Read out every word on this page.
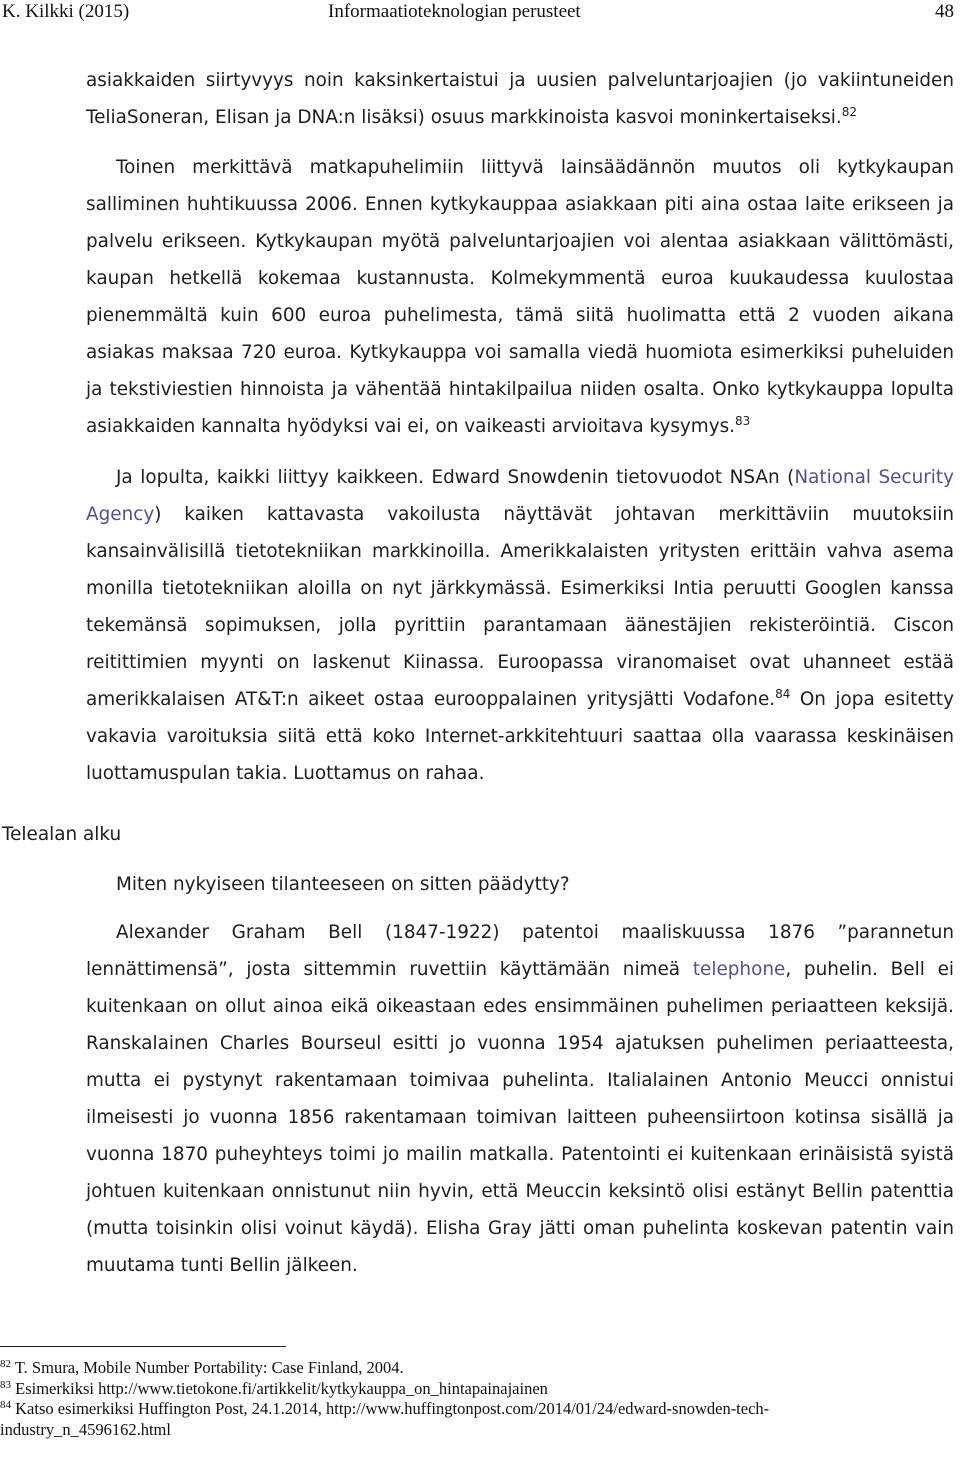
K. Kilkki (2015)	Informaatioteknologian perusteet	48

asiakkaiden siirtyvyys noin kaksinkertaistui ja uusien palveluntarjoajien (jo vakiintuneiden TeliaSoneran, Elisan ja DNA:n lisäksi) osuus markkinoista kasvoi moninkertaiseksi.$^{82}$

Toinen merkittävä matkapuhelimiin liittyvä lainsäädännön muutos oli kytkykaupan salliminen huhtikuussa 2006. Ennen kytkykauppaa asiakkaan piti aina ostaa laite erikseen ja palvelu erikseen. Kytkykaupan myötä palveluntarjoajien voi alentaa asiakkaan välittömästi, kaupan hetkellä kokemaa kustannusta. Kolmekymmentä euroa kuukaudessa kuulostaa pienemmältä kuin 600 euroa puhelimesta, tämä siitä huolimatta että 2 vuoden aikana asiakas maksaa 720 euroa. Kytkykauppa voi samalla viedä huomiota esimerkiksi puheluiden ja tekstiviestien hinnoista ja vähentää hintakilpailua niiden osalta. Onko kytkykauppa lopulta asiakkaiden kannalta hyödyksi vai ei, on vaikeasti arvioitava kysymys.$^{83}$

Ja lopulta, kaikki liittyy kaikkeen. Edward Snowdenin tietovuodot NSAn (National Security Agency) kaiken kattavasta vakoilusta näyttävät johtavan merkittäviin muutoksiin kansainvälisillä tietotekniikan markkinoilla. Amerikkalaisten yritysten erittäin vahva asema monilla tietotekniikan aloilla on nyt järkkymässä. Esimerkiksi Intia peruutti Googlen kanssa tekemänsä sopimuksen, jolla pyrittiin parantamaan äänestäjien rekisteröintiä. Ciscon reitittimien myynti on laskenut Kiinassa. Euroopassa viranomaiset ovat uhanneet estää amerikkalaisen AT&T:n aikeet ostaa eurooppalainen yritysjätti Vodafone.$^{84}$ On jopa esitetty vakavia varoituksia siitä että koko Internet-arkkitehtuuri saattaa olla vaarassa keskinäisen luottamuspulan takia. Luottamus on rahaa.

Telealan alku

Miten nykyiseen tilanteeseen on sitten päädytty?

Alexander Graham Bell (1847-1922) patentoi maaliskuussa 1876 ”parannetun lennättimensä”, josta sittemmin ruvettiin käyttämään nimeä telephone, puhelin. Bell ei kuitenkaan on ollut ainoa eikä oikeastaan edes ensimmäinen puhelimen periaatteen keksijä. Ranskalainen Charles Bourseul esitti jo vuonna 1954 ajatuksen puhelimen periaatteesta, mutta ei pystynyt rakentamaan toimivaa puhelinta. Italialainen Antonio Meucci onnistui ilmeisesti jo vuonna 1856 rakentamaan toimivan laitteen puheensiirtoon kotinsa sisällä ja vuonna 1870 puheyhteys toimi jo mailin matkalla. Patentointi ei kuitenkaan erinäisistä syistä johtuen kuitenkaan onnistunut niin hyvin, että Meuccin keksintö olisi estänyt Bellin patenttia (mutta toisinkin olisi voinut käydä). Elisha Gray jätti oman puhelinta koskevan patentin vain muutama tunti Bellin jälkeen.

$^{82}$ T. Smura, Mobile Number Portability: Case Finland, 2004.

$^{83}$ Esimerkiksi http://www.tietokone.fi/artikkelit/kytkykauppa_on_hintapainajainen

$^{84}$ Katso esimerkiksi Huffington Post, 24.1.2014, http://www.huffingtonpost.com/2014/01/24/edward-snowden-tech-industry_n_4596162.html
